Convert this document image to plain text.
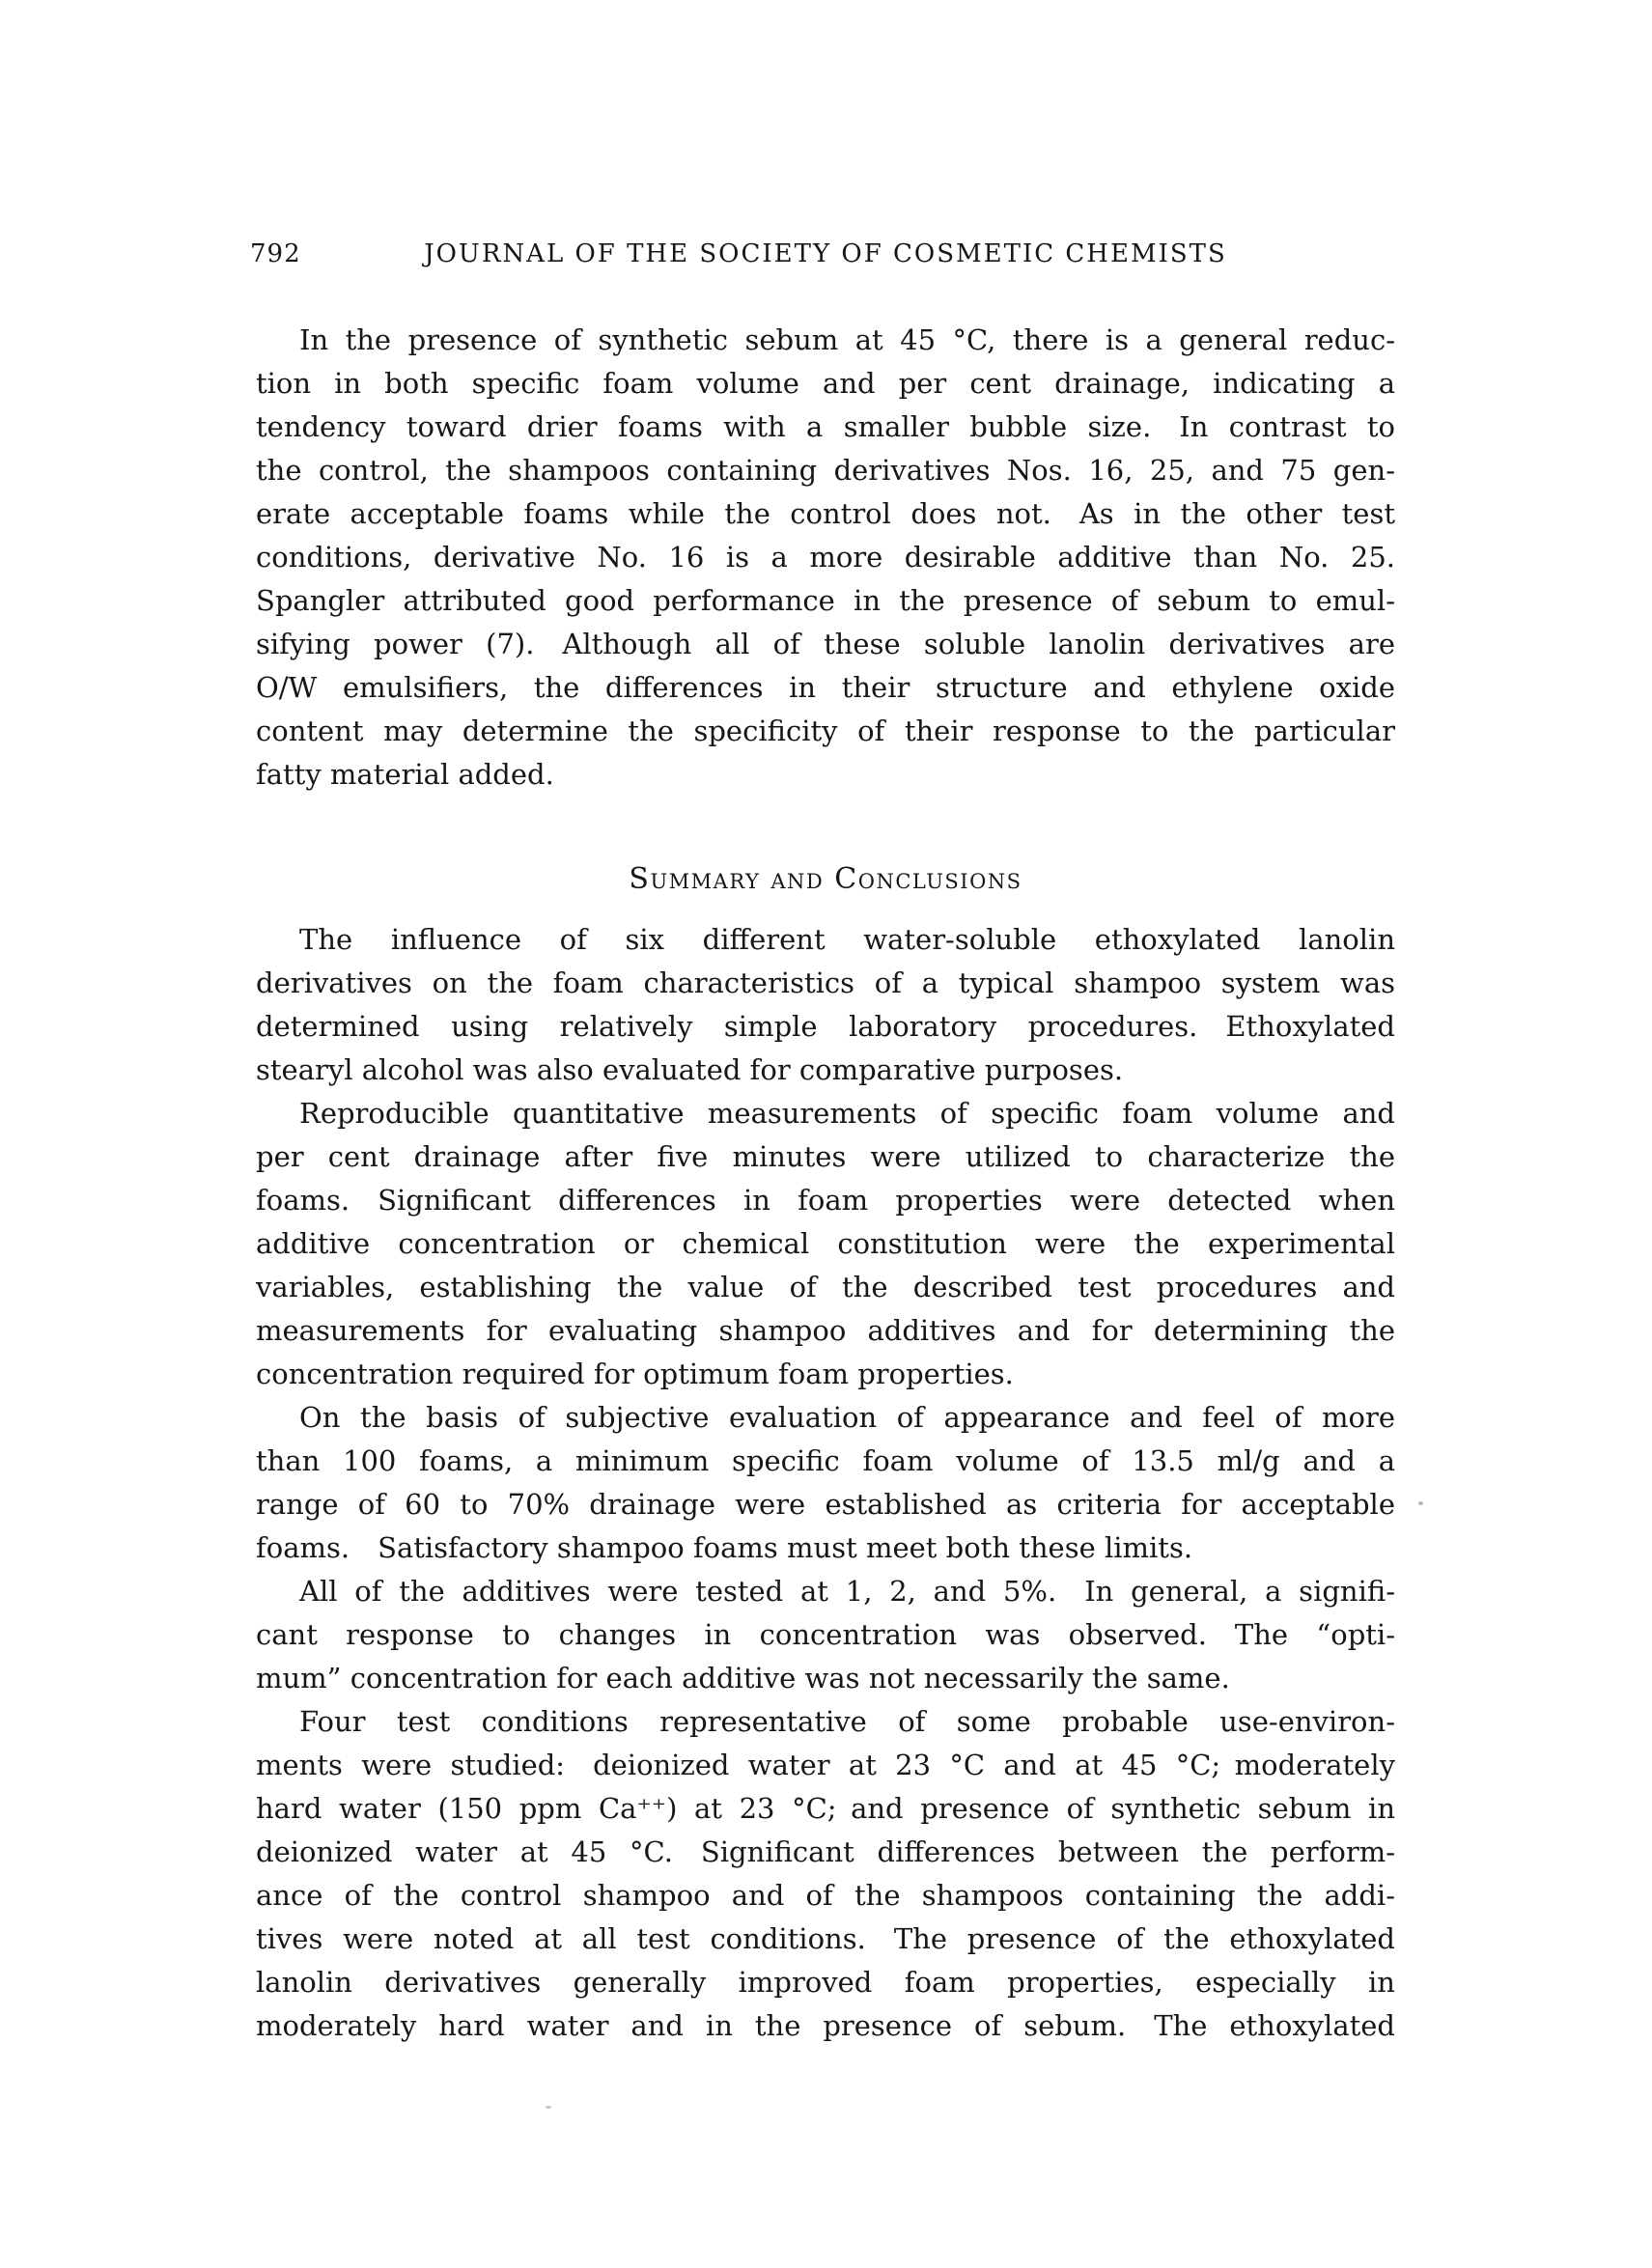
792	JOURNAL OF THE SOCIETY OF COSMETIC CHEMISTS
In the presence of synthetic sebum at 45 °C, there is a general reduc-
tion in both specific foam volume and per cent drainage, indicating a
tendency toward drier foams with a smaller bubble size. In contrast to
the control, the shampoos containing derivatives Nos. 16, 25, and 75 gen-
erate acceptable foams while the control does not. As in the other test
conditions, derivative No. 16 is a more desirable additive than No. 25.
Spangler attributed good performance in the presence of sebum to emul-
sifying power (7). Although all of these soluble lanolin derivatives are
O/W emulsifiers, the differences in their structure and ethylene oxide
content may determine the specificity of their response to the particular
fatty material added.
Summary and Conclusions
The influence of six different water-soluble ethoxylated lanolin
derivatives on the foam characteristics of a typical shampoo system was
determined using relatively simple laboratory procedures. Ethoxylated
stearyl alcohol was also evaluated for comparative purposes.
Reproducible quantitative measurements of specific foam volume and
per cent drainage after five minutes were utilized to characterize the
foams. Significant differences in foam properties were detected when
additive concentration or chemical constitution were the experimental
variables, establishing the value of the described test procedures and
measurements for evaluating shampoo additives and for determining the
concentration required for optimum foam properties.
On the basis of subjective evaluation of appearance and feel of more
than 100 foams, a minimum specific foam volume of 13.5 ml/g and a
range of 60 to 70% drainage were established as criteria for acceptable
foams. Satisfactory shampoo foams must meet both these limits.
All of the additives were tested at 1, 2, and 5%. In general, a signifi-
cant response to changes in concentration was observed. The “opti-
mum” concentration for each additive was not necessarily the same.
Four test conditions representative of some probable use-environ-
ments were studied: deionized water at 23 °C and at 45 °C; moderately
hard water (150 ppm Ca⁺⁺) at 23 °C; and presence of synthetic sebum in
deionized water at 45 °C. Significant differences between the perform-
ance of the control shampoo and of the shampoos containing the addi-
tives were noted at all test conditions. The presence of the ethoxylated
lanolin derivatives generally improved foam properties, especially in
moderately hard water and in the presence of sebum. The ethoxylated
